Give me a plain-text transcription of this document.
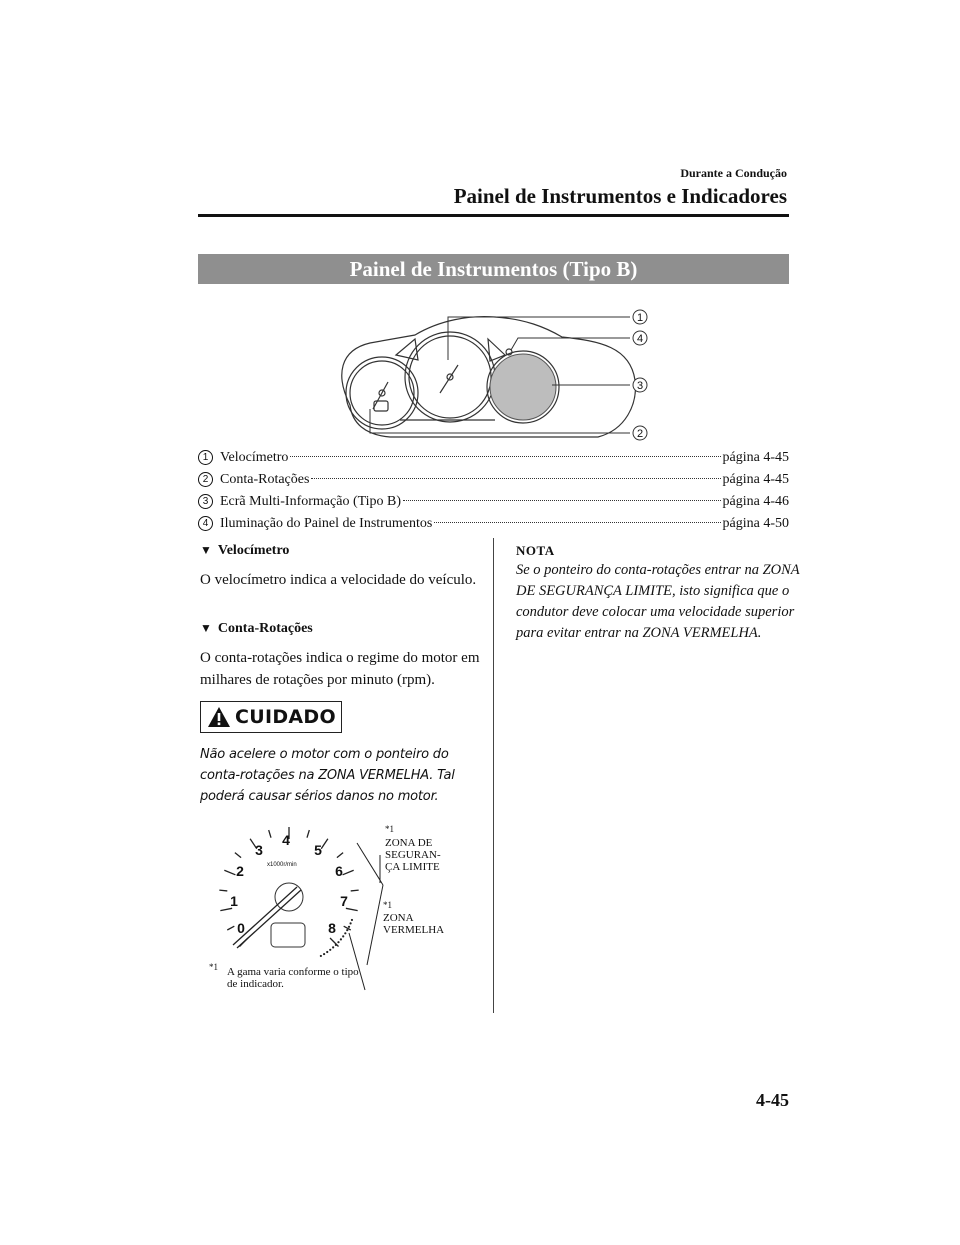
Durante a Condução
Painel de Instrumentos e Indicadores
Painel de Instrumentos (Tipo B)
1
4
3
2
1 Velocímetro	página 4-45
2 Conta-Rotações	página 4-45
3 Ecrã Multi-Informação (Tipo B)	página 4-46
4 Iluminação do Painel de Instrumentos	página 4-50
▼ Velocímetro
O velocímetro indica a velocidade do veículo.
▼ Conta-Rotações
O conta-rotações indica o regime do motor em milhares de rotações por minuto (rpm).
CUIDADO
Não acelere o motor com o ponteiro do conta-rotações na ZONA VERMELHA. Tal poderá causar sérios danos no motor.
NOTA
Se o ponteiro do conta-rotações entrar na ZONA DE SEGURANÇA LIMITE, isto significa que o condutor deve colocar uma velocidade superior para evitar entrar na ZONA VERMELHA.
x1000r/min
0
1
2
3
4
5
6
7
8
*1
ZONA DE
SEGURAN-
ÇA LIMITE
*1
ZONA
VERMELHA
*1 A gama varia conforme o tipo
de indicador.
4-45
